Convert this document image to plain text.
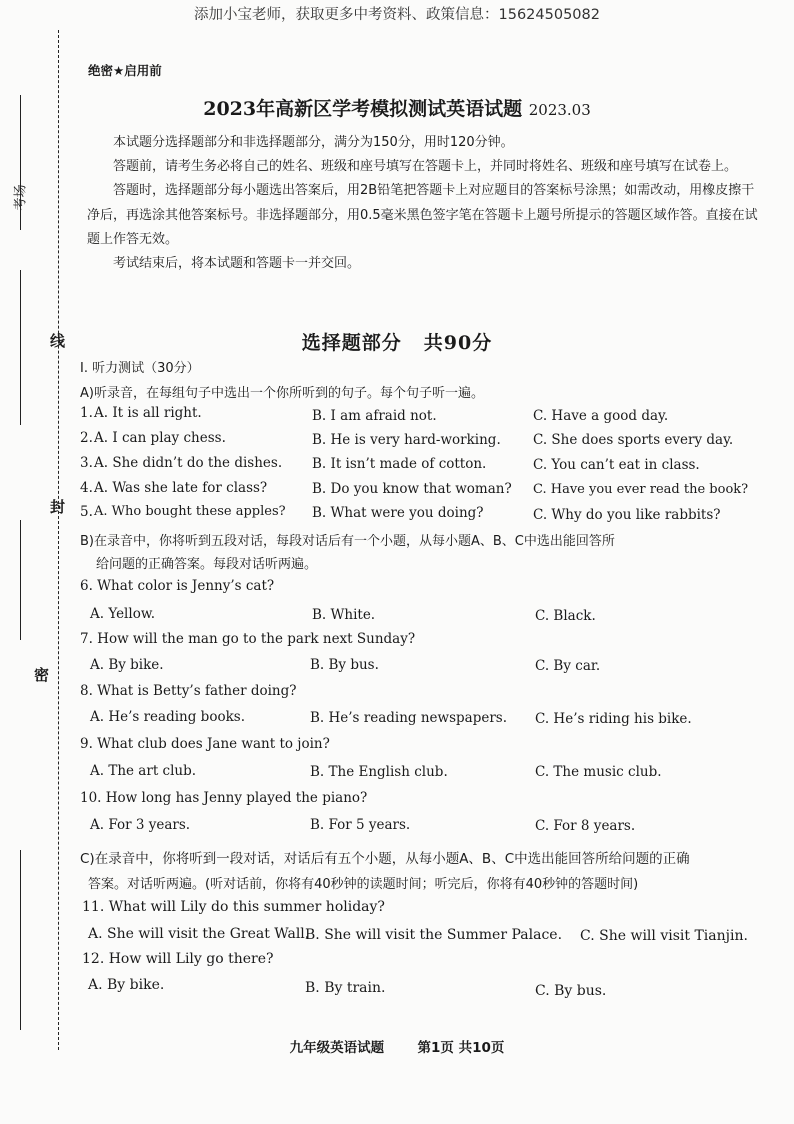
考场
线
封
密
添加小宝老师，获取更多中考资料、政策信息：15624505082
绝密★启用前
2023年高新区学考模拟测试英语试题 2023.03

本试题分选择题部分和非选择题部分，满分为150分，用时120分钟。

答题前，请考生务必将自己的姓名、班级和座号填写在答题卡上，并同时将姓名、班级和座号填写在试卷上。

答题时，选择题部分每小题选出答案后，用2B铅笔把答题卡上对应题目的答案标号涂黑；如需改动，用橡皮擦干净后，再选涂其他答案标号。非选择题部分，用0.5毫米黑色签字笔在答题卡上题号所提示的答题区域作答。直接在试题上作答无效。

考试结束后，将本试题和答题卡一并交回。

选择题部分 共90分
I. 听力测试（30分）
A)听录音，在每组句子中选出一个你所听到的句子。每个句子听一遍。
1. A. It is all right.	B. I am afraid not.	C. Have a good day.
2. A. I can play chess.	B. He is very hard-working. C. She does sports every day.
3. A. She didn’t do the dishes. B. It isn’t made of cotton.	C. You can’t eat in class.
4. A. Was she late for class?	B. Do you know that woman? C. Have you ever read the book?
5. A. Who bought these apples? B. What were you doing?	C. Why do you like rabbits?
B)在录音中，你将听到五段对话，每段对话后有一个小题，从每小题A、B、C中选出能回答所
给问题的正确答案。每段对话听两遍。
6. What color is Jenny’s cat?
A. Yellow.	B. White.	C. Black.
7. How will the man go to the park next Sunday?
A. By bike.	B. By bus.	C. By car.
8. What is Betty’s father doing?
A. He’s reading books.	B. He’s reading newspapers. C. He’s riding his bike.
9. What club does Jane want to join?
A. The art club.	B. The English club.	C. The music club.
10. How long has Jenny played the piano?
A. For 3 years.	B. For 5 years.	C. For 8 years.
C)在录音中，你将听到一段对话，对话后有五个小题，从每小题A、B、C中选出能回答所给问题的正确
答案。对话听两遍。(听对话前，你将有40秒钟的读题时间；听完后，你将有40秒钟的答题时间)
11. What will Lily do this summer holiday?
A. She will visit the Great Wall.
B. She will visit the Summer Palace. C. She will visit Tianjin.
12. How will Lily go there?
A. By bike.	B. By train.	C. By bus.
九年级英语试题 第1页 共10页
